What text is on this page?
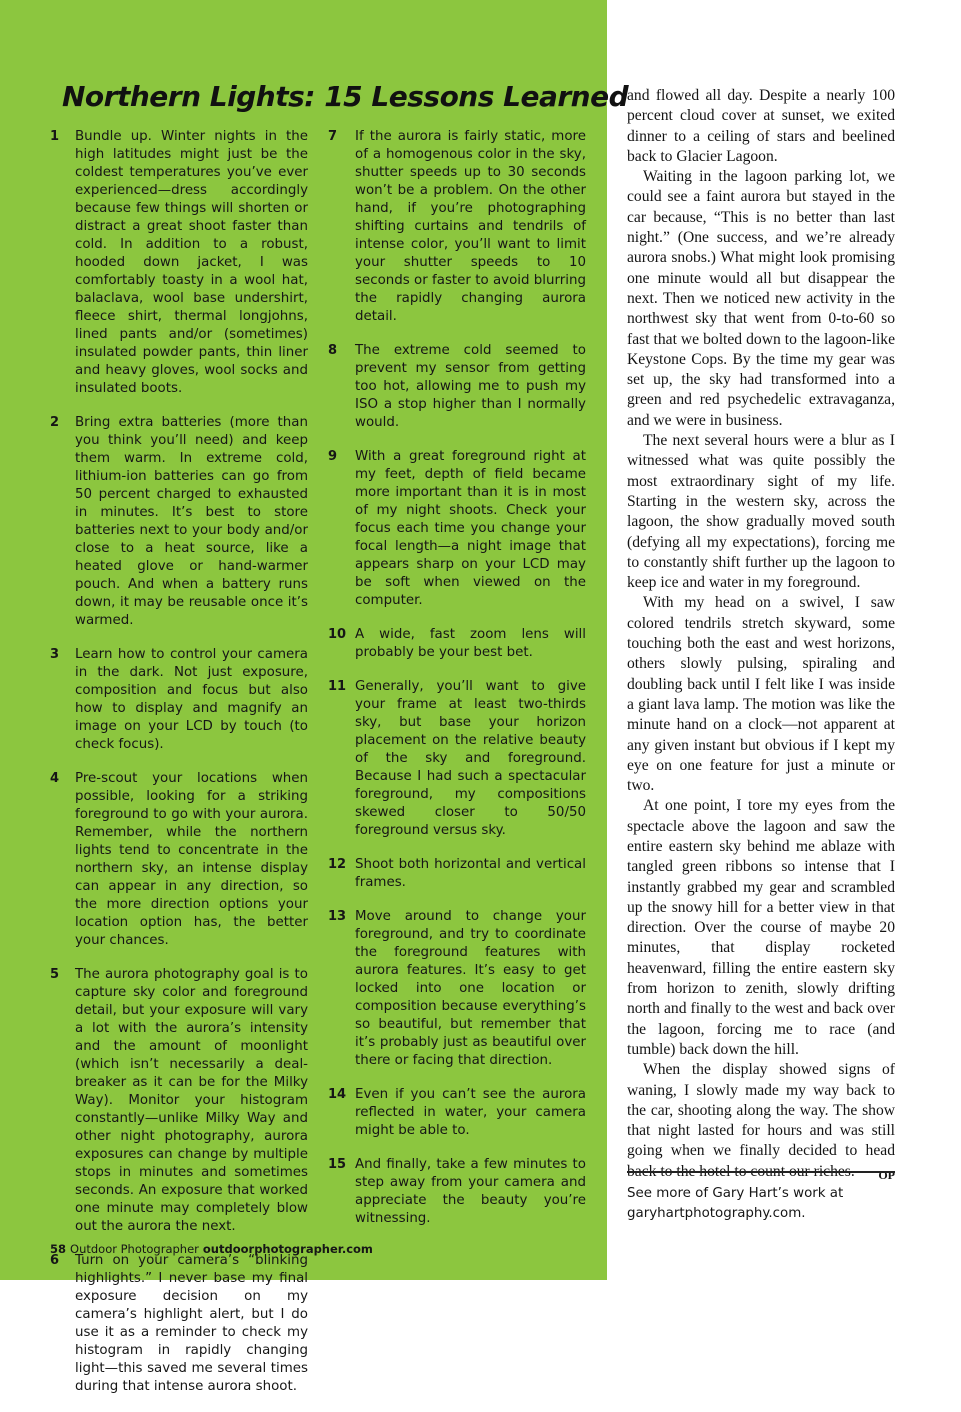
Northern Lights: 15 Lessons Learned
1 Bundle up. Winter nights in the high latitudes might just be the coldest temperatures you’ve ever experienced—dress accordingly because few things will shorten or distract a great shoot faster than cold. In addition to a robust, hooded down jacket, I was comfortably toasty in a wool hat, balaclava, wool base undershirt, fleece shirt, thermal longjohns, lined pants and/or (sometimes) insulated powder pants, thin liner and heavy gloves, wool socks and insulated boots.
2 Bring extra batteries (more than you think you’ll need) and keep them warm. In extreme cold, lithium-ion batteries can go from 50 percent charged to exhausted in minutes. It’s best to store batteries next to your body and/or close to a heat source, like a heated glove or hand-warmer pouch. And when a battery runs down, it may be reusable once it’s warmed.
3 Learn how to control your camera in the dark. Not just exposure, composition and focus but also how to display and magnify an image on your LCD by touch (to check focus).
4 Pre-scout your locations when possible, looking for a striking foreground to go with your aurora. Remember, while the northern lights tend to concentrate in the northern sky, an intense display can appear in any direction, so the more direction options your location option has, the better your chances.
5 The aurora photography goal is to capture sky color and foreground detail, but your exposure will vary a lot with the aurora’s intensity and the amount of moonlight (which isn’t necessarily a deal-breaker as it can be for the Milky Way). Monitor your histogram constantly—unlike Milky Way and other night photography, aurora exposures can change by multiple stops in minutes and sometimes seconds. An exposure that worked one minute may completely blow out the aurora the next.
6 Turn on your camera’s “blinking highlights.” I never base my final exposure decision on my camera’s highlight alert, but I do use it as a reminder to check my histogram in rapidly changing light—this saved me several times during that intense aurora shoot.
7 If the aurora is fairly static, more of a homogenous color in the sky, shutter speeds up to 30 seconds won’t be a problem. On the other hand, if you’re photographing shifting curtains and tendrils of intense color, you’ll want to limit your shutter speeds to 10 seconds or faster to avoid blurring the rapidly changing aurora detail.
8 The extreme cold seemed to prevent my sensor from getting too hot, allowing me to push my ISO a stop higher than I normally would.
9 With a great foreground right at my feet, depth of field became more important than it is in most of my night shoots. Check your focus each time you change your focal length—a night image that appears sharp on your LCD may be soft when viewed on the computer.
10 A wide, fast zoom lens will probably be your best bet.
11 Generally, you’ll want to give your frame at least two-thirds sky, but base your horizon placement on the relative beauty of the sky and foreground. Because I had such a spectacular foreground, my compositions skewed closer to 50/50 foreground versus sky.
12 Shoot both horizontal and vertical frames.
13 Move around to change your foreground, and try to coordinate the foreground features with aurora features. It’s easy to get locked into one location or composition because everything’s so beautiful, but remember that it’s probably just as beautiful over there or facing that direction.
14 Even if you can’t see the aurora reflected in water, your camera might be able to.
15 And finally, take a few minutes to step away from your camera and appreciate the beauty you’re witnessing.

and flowed all day. Despite a nearly 100 percent cloud cover at sunset, we exited dinner to a ceiling of stars and beelined back to Glacier Lagoon.

Waiting in the lagoon parking lot, we could see a faint aurora but stayed in the car because, “This is no better than last night.” (One success, and we’re already aurora snobs.) What might look promising one minute would all but disappear the next. Then we noticed new activity in the northwest sky that went from 0-to-60 so fast that we bolted down to the lagoon-like Keystone Cops. By the time my gear was set up, the sky had transformed into a green and red psychedelic extravaganza, and we were in business.

The next several hours were a blur as I witnessed what was quite possibly the most extraordinary sight of my life. Starting in the western sky, across the lagoon, the show gradually moved south (defying all my expectations), forcing me to constantly shift further up the lagoon to keep ice and water in my foreground.

With my head on a swivel, I saw colored tendrils stretch skyward, some touching both the east and west horizons, others slowly pulsing, spiraling and doubling back until I felt like I was inside a giant lava lamp. The motion was like the minute hand on a clock—not apparent at any given instant but obvious if I kept my eye on one feature for just a minute or two.

At one point, I tore my eyes from the spectacle above the lagoon and saw the entire eastern sky behind me ablaze with tangled green ribbons so intense that I instantly grabbed my gear and scrambled up the snowy hill for a better view in that direction. Over the course of maybe 20 minutes, that display rocketed heavenward, filling the entire eastern sky from horizon to zenith, slowly drifting north and finally to the west and back over the lagoon, forcing me to race (and tumble) back down the hill.

When the display showed signs of waning, I slowly made my way back to the car, shooting along the way. The show that night lasted for hours and was still going when we finally decided to head back to the hotel to count our riches.	OP

See more of Gary Hart’s work at
garyhartphotography.com.
58 Outdoor Photographer outdoorphotographer.com
